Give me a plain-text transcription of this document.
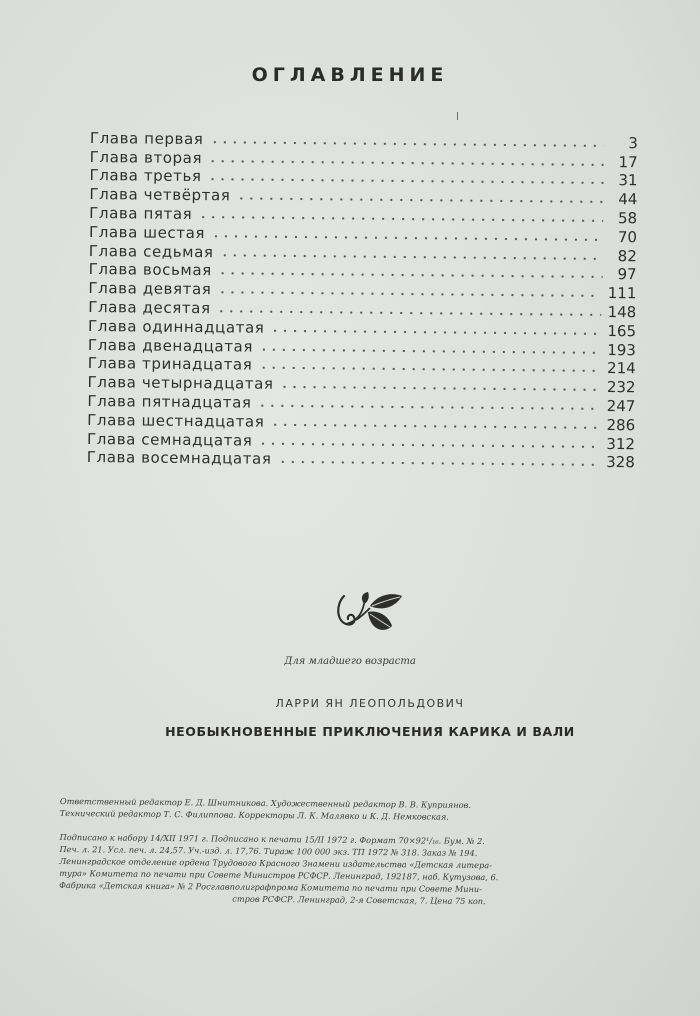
ОГЛАВЛЕНИЕ
Глава первая	3
Глава вторая	17
Глава третья	31
Глава четвёртая	44
Глава пятая	58
Глава шестая	70
Глава седьмая	82
Глава восьмая	97
Глава девятая	111
Глава десятая	148
Глава одиннадцатая	165
Глава двенадцатая	193
Глава тринадцатая	214
Глава четырнадцатая	232
Глава пятнадцатая	247
Глава шестнадцатая	286
Глава семнадцатая	312
Глава восемнадцатая	328
Для младшего возраста
ЛАРРИ ЯН ЛЕОПОЛЬДОВИЧ
НЕОБЫКНОВЕННЫЕ ПРИКЛЮЧЕНИЯ КАРИКА И ВАЛИ

Ответственный редактор Е. Д. Шнитникова. Художественный редактор В. В. Куприянов.

Технический редактор Т. С. Филиппова. Корректоры Л. К. Малявко и К. Д. Немковская.

Подписано к набору 14/XII 1971 г. Подписано к печати 15/II 1972 г. Формат 70×92¹/₁₆. Бум. № 2.

Печ. л. 21. Усл. печ. л. 24,57. Уч.-изд. л. 17,76. Тираж 100 000 экз. ТП 1972 № 318. Заказ № 194.

Ленинградское отделение ордена Трудового Красного Знамени издательства «Детская литера-

тура» Комитета по печати при Совете Министров РСФСР. Ленинград, 192187, наб. Кутузова, 6.

Фабрика «Детская книга» № 2 Росглавполиграфпрома Комитета по печати при Совете Мини-

стров РСФСР. Ленинград, 2-я Советская, 7. Цена 75 коп.
